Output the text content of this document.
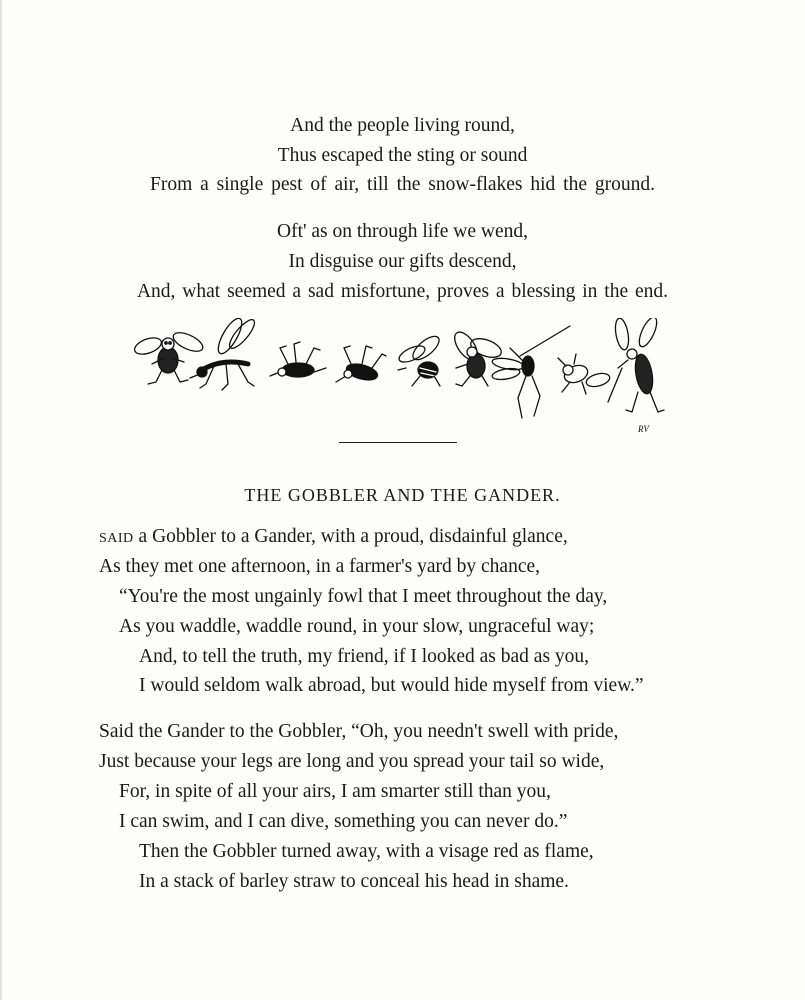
And the people living round,
Thus escaped the sting or sound
From a single pest of air, till the snow-flakes hid the ground.
Oft' as on through life we wend,
In disguise our gifts descend,
And, what seemed a sad misfortune, proves a blessing in the end.
RV
THE GOBBLER AND THE GANDER.
SAID a Gobbler to a Gander, with a proud, disdainful glance,
As they met one afternoon, in a farmer's yard by chance,
“You're the most ungainly fowl that I meet throughout the day,
As you waddle, waddle round, in your slow, ungraceful way;
And, to tell the truth, my friend, if I looked as bad as you,
I would seldom walk abroad, but would hide myself from view.”
Said the Gander to the Gobbler, “Oh, you needn't swell with pride,
Just because your legs are long and you spread your tail so wide,
For, in spite of all your airs, I am smarter still than you,
I can swim, and I can dive, something you can never do.”
Then the Gobbler turned away, with a visage red as flame,
In a stack of barley straw to conceal his head in shame.
